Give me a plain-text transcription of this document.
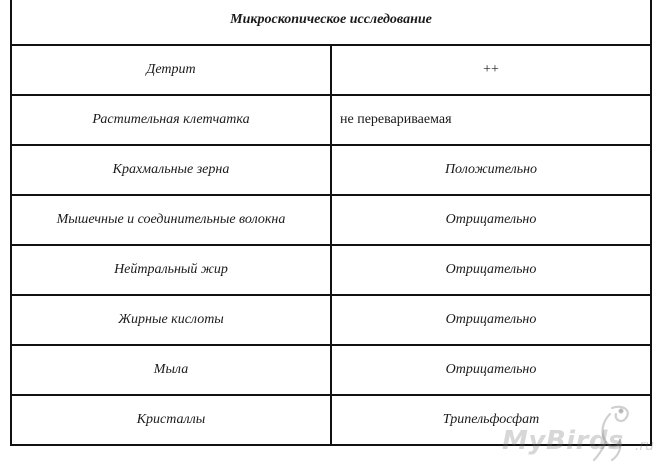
Микроскопическое исследование	
Детрит	++
Растительная клетчатка	не перевариваемая
Крахмальные зерна	Положительно
Мышечные и соединительные волокна	Отрицательно
Нейтральный жир	Отрицательно
Жирные кислоты	Отрицательно
Мыла	Отрицательно
Кристаллы	Трипельфосфат
MyBirds .ru
